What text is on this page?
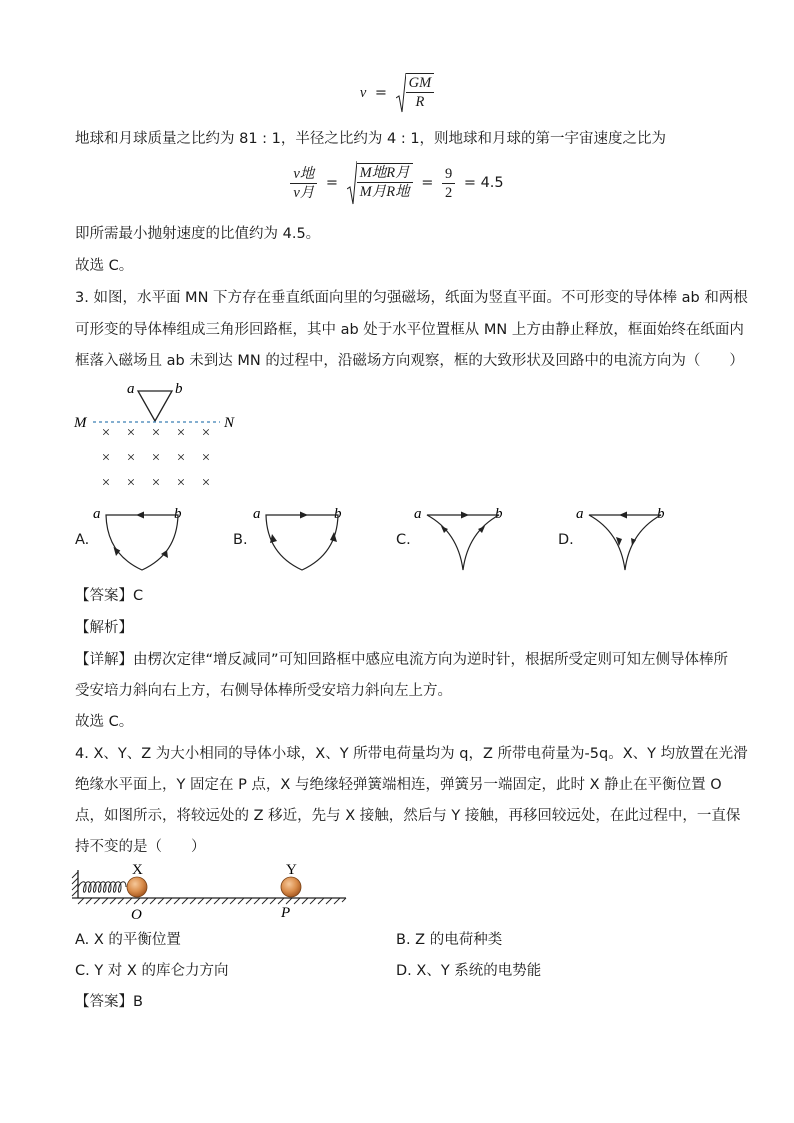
$v = \frac{GM}{R}$
地球和月球质量之比约为 81 : 1，半径之比约为 4 : 1，则地球和月球的第一宇宙速度之比为
$\frac{\text{v地}}{\text{v月}} = \frac{\text{M地R月}}{\text{M月R地}} = \frac{9}{2} = 4.5$
即所需最小抛射速度的比值约为 4.5。
故选 C。
3. 如图，水平面 MN 下方存在垂直纸面向里的匀强磁场，纸面为竖直平面。不可形变的导体棒 ab 和两根
可形变的导体棒组成三角形回路框，其中 ab 处于水平位置框从 MN 上方由静止释放，框面始终在纸面内
框落入磁场且 ab 未到达 MN 的过程中，沿磁场方向观察，框的大致形状及回路中的电流方向为（　　）
a	b
M	N
× × × × ×
× × × × ×
× × × × ×
A.
a	b
B.
a	b
C.
a	b
D.
a	b
【答案】C
【解析】
【详解】由楞次定律“增反减同”可知回路框中感应电流方向为逆时针，根据所受定则可知左侧导体棒所
受安培力斜向右上方，右侧导体棒所受安培力斜向左上方。
故选 C。
4. X、Y、Z 为大小相同的导体小球，X、Y 所带电荷量均为 q，Z 所带电荷量为-5q。X、Y 均放置在光滑
绝缘水平面上，Y 固定在 P 点，X 与绝缘轻弹簧端相连，弹簧另一端固定，此时 X 静止在平衡位置 O
点，如图所示，将较远处的 Z 移近，先与 X 接触，然后与 Y 接触，再移回较远处，在此过程中，一直保
持不变的是（　　）
X	Y
O	P
A. X 的平衡位置	B. Z 的电荷种类
C. Y 对 X 的库仑力方向	D. X、Y 系统的电势能
【答案】B
